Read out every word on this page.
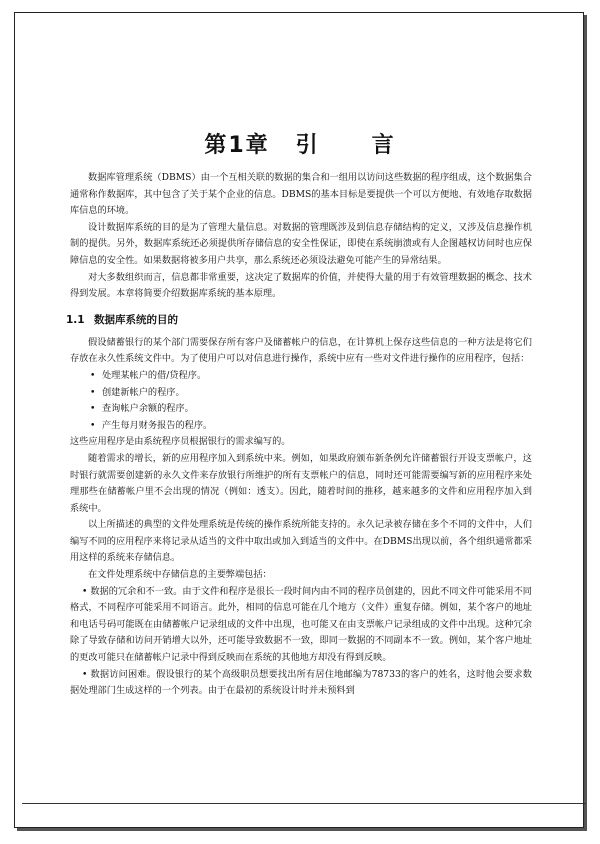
第1章 引 言

数据库管理系统（DBMS）由一个互相关联的数据的集合和一组用以访问这些数据的程序组成，这个数据集合通常称作数据库，其中包含了关于某个企业的信息。DBMS的基本目标是要提供一个可以方便地、有效地存取数据库信息的环境。

设计数据库系统的目的是为了管理大量信息。对数据的管理既涉及到信息存储结构的定义，又涉及信息操作机制的提供。另外，数据库系统还必须提供所存储信息的安全性保证，即使在系统崩溃或有人企图越权访问时也应保障信息的安全性。如果数据将被多用户共享，那么系统还必须设法避免可能产生的异常结果。

对大多数组织而言，信息都非常重要，这决定了数据库的价值，并使得大量的用于有效管理数据的概念、技术得到发展。本章将简要介绍数据库系统的基本原理。

1.1 数据库系统的目的

假设储蓄银行的某个部门需要保存所有客户及储蓄帐户的信息，在计算机上保存这些信息的一种方法是将它们存放在永久性系统文件中。为了使用户可以对信息进行操作，系统中应有一些对文件进行操作的应用程序，包括：

• 处理某帐户的借/贷程序。
• 创建新帐户的程序。
• 查询帐户余额的程序。
• 产生每月财务报告的程序。

这些应用程序是由系统程序员根据银行的需求编写的。

随着需求的增长，新的应用程序加入到系统中来。例如，如果政府颁布新条例允许储蓄银行开设支票帐户，这时银行就需要创建新的永久文件来存放银行所维护的所有支票帐户的信息，同时还可能需要编写新的应用程序来处理那些在储蓄帐户里不会出现的情况（例如：透支）。因此，随着时间的推移，越来越多的文件和应用程序加入到系统中。

以上所描述的典型的文件处理系统是传统的操作系统所能支持的。永久记录被存储在多个不同的文件中，人们编写不同的应用程序来将记录从适当的文件中取出或加入到适当的文件中。在DBMS出现以前，各个组织通常都采用这样的系统来存储信息。

在文件处理系统中存储信息的主要弊端包括：

• 数据的冗余和不一致。由于文件和程序是很长一段时间内由不同的程序员创建的，因此不同文件可能采用不同格式，不同程序可能采用不同语言。此外，相同的信息可能在几个地方（文件）重复存储。例如，某个客户的地址和电话号码可能既在由储蓄帐户记录组成的文件中出现，也可能又在由支票帐户记录组成的文件中出现。这种冗余除了导致存储和访问开销增大以外，还可能导致数据不一致，即同一数据的不同副本不一致。例如，某个客户地址的更改可能只在储蓄帐户记录中得到反映而在系统的其他地方却没有得到反映。

• 数据访问困难。假设银行的某个高级职员想要找出所有居住地邮编为78733的客户的姓名，这时他会要求数据处理部门生成这样的一个列表。由于在最初的系统设计时并未预料到
